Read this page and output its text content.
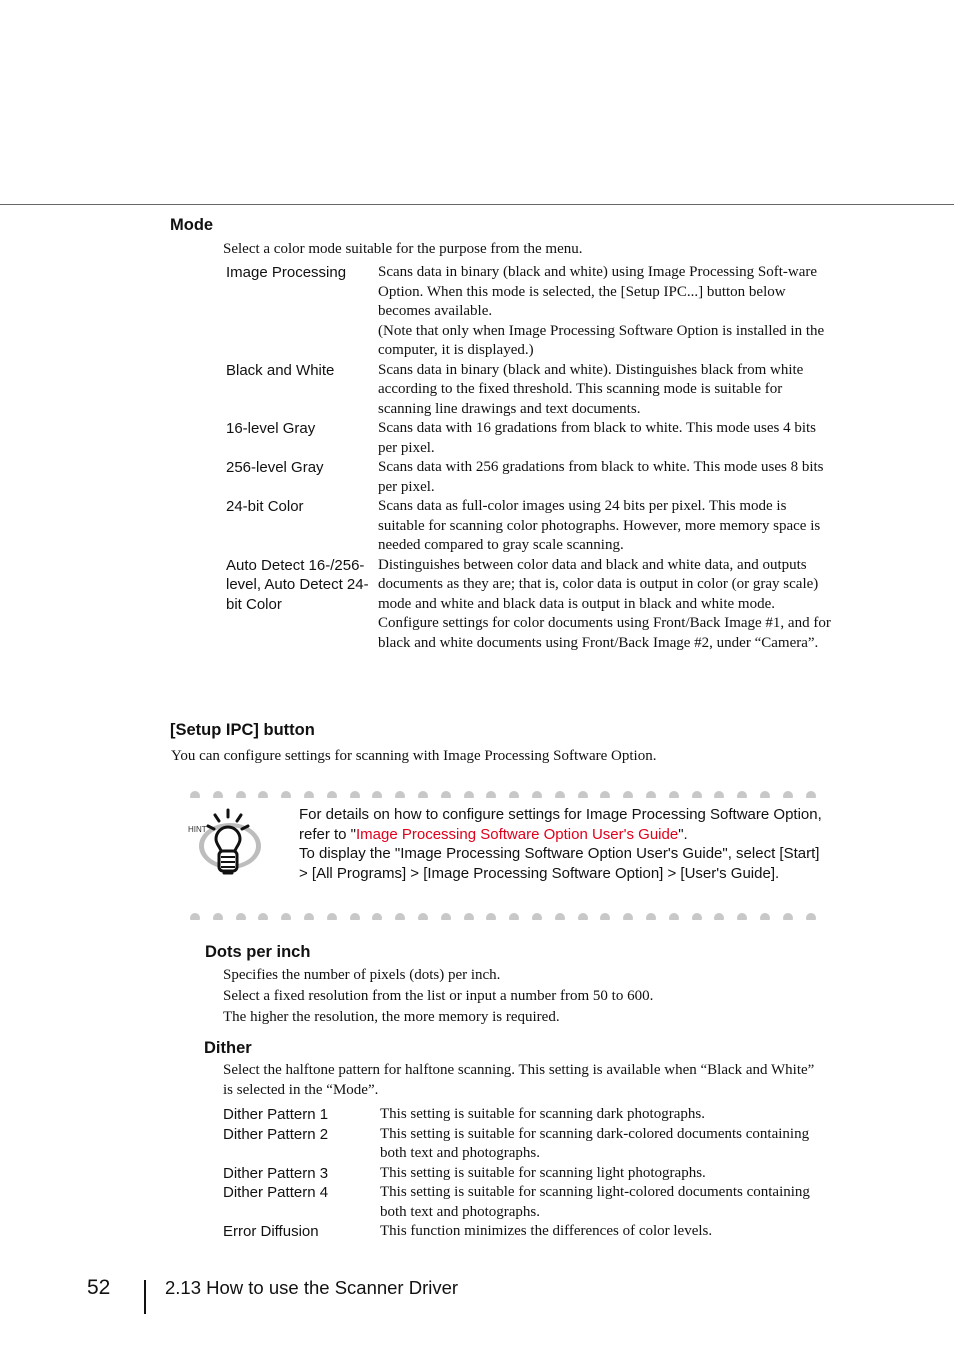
Mode
Select a color mode suitable for the purpose from the menu.
Image Processing	Scans data in binary (black and white) using Image Processing Soft-ware Option. When this mode is selected, the [Setup IPC...] button below becomes available.
(Note that only when Image Processing Software Option is installed in the computer, it is displayed.)

Black and White	Scans data in binary (black and white). Distinguishes black from white according to the fixed threshold. This scanning mode is suitable for scanning line drawings and text documents.
16-level Gray	Scans data with 16 gradations from black to white. This mode uses 4 bits per pixel.
256-level Gray	Scans data with 256 gradations from black to white. This mode uses 8 bits per pixel.
24-bit Color	Scans data as full-color images using 24 bits per pixel. This mode is suitable for scanning color photographs. However, more memory space is needed compared to gray scale scanning.
Auto Detect 16-/256-level, Auto Detect 24-bit Color	Distinguishes between color data and black and white data, and outputs documents as they are; that is, color data is output in color (or gray scale) mode and white and black data is output in black and white mode.
Configure settings for color documents using Front/Back Image #1, and for black and white documents using Front/Back Image #2, under “Camera”.
[Setup IPC] button
You can configure settings for scanning with Image Processing Software Option.
HINT
For details on how to configure settings for Image Processing Software Option, refer to "Image Processing Software Option User's Guide".
To display the "Image Processing Software Option User's Guide", select [Start] > [All Programs] > [Image Processing Software Option] > [User's Guide].
Dots per inch
Specifies the number of pixels (dots) per inch.
Select a fixed resolution from the list or input a number from 50 to 600.
The higher the resolution, the more memory is required.
Dither
Select the halftone pattern for halftone scanning. This setting is available when “Black and White” is selected in the “Mode”.
Dither Pattern 1	This setting is suitable for scanning dark photographs.
Dither Pattern 2	This setting is suitable for scanning dark-colored documents containing both text and photographs.
Dither Pattern 3	This setting is suitable for scanning light photographs.
Dither Pattern 4	This setting is suitable for scanning light-colored documents containing both text and photographs.
Error Diffusion	This function minimizes the differences of color levels.
52	2.13 How to use the Scanner Driver
